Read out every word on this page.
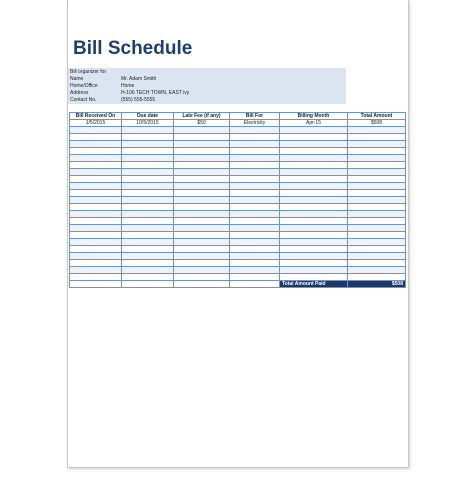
Bill Schedule
Bill organizer for
Name	Mr. Adam Smith
Home/Office	Home
Address	H-106 TECH TOWN, EAST ivy
Contact No.	(555) 555-5555
Bill Received On	Due date	Late Fee (if any)	Bill For	Billing Month	Total Amount
1/5/2015	10/5/2015	$50	Electricity	Apr-15	$508

				Total Amount Paid	$508
